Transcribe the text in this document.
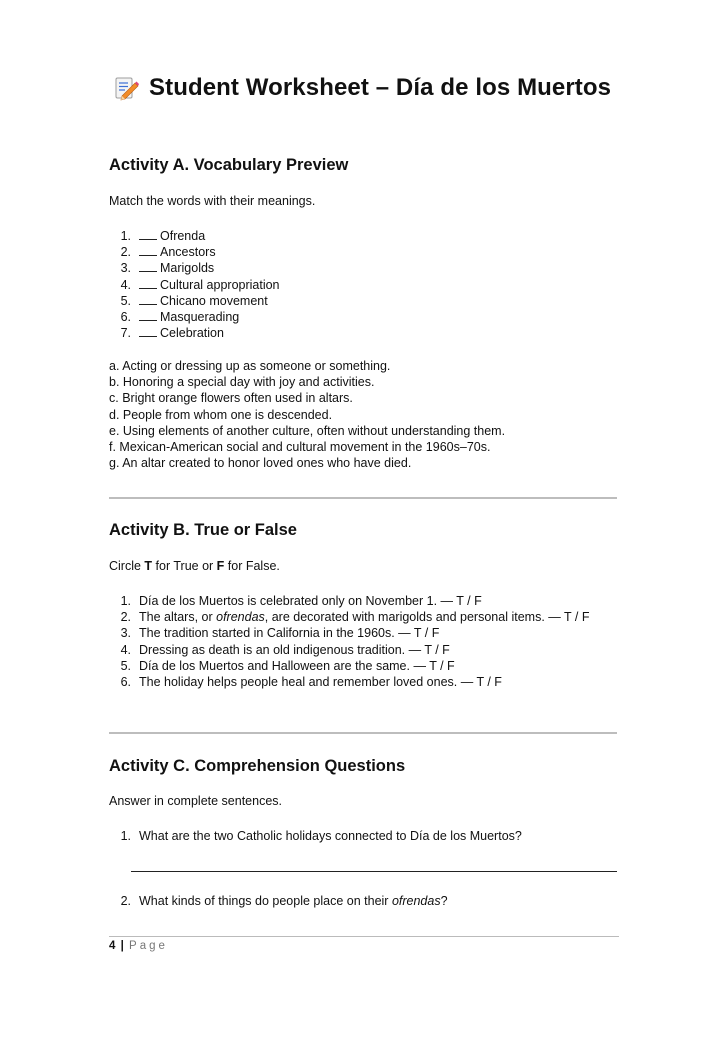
Student Worksheet – Día de los Muertos
Activity A. Vocabulary Preview

Match the words with their meanings.

1.	Ofrenda
2.	Ancestors
3.	Marigolds
4.	Cultural appropriation
5.	Chicano movement
6.	Masquerading
7.	Celebration
a. Acting or dressing up as someone or something.
b. Honoring a special day with joy and activities.
c. Bright orange flowers often used in altars.
d. People from whom one is descended.
e. Using elements of another culture, often without understanding them.
f. Mexican-American social and cultural movement in the 1960s–70s.
g. An altar created to honor loved ones who have died.
Activity B. True or False

Circle T for True or F for False.

1. Día de los Muertos is celebrated only on November 1. — T / F
2. The altars, or ofrendas, are decorated with marigolds and personal items. — T / F
3. The tradition started in California in the 1960s. — T / F
4. Dressing as death is an old indigenous tradition. — T / F
5. Día de los Muertos and Halloween are the same. — T / F
6. The holiday helps people heal and remember loved ones. — T / F
Activity C. Comprehension Questions

Answer in complete sentences.

1. What are the two Catholic holidays connected to Día de los Muertos?
2. What kinds of things do people place on their ofrendas?
4 | Page
